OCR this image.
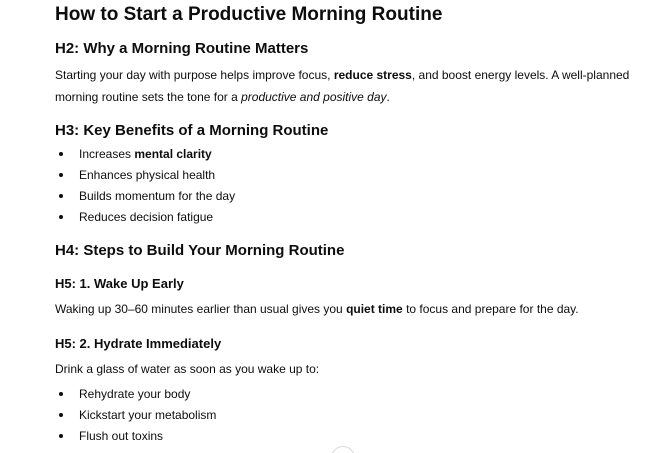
How to Start a Productive Morning Routine
H2: Why a Morning Routine Matters

Starting your day with purpose helps improve focus, reduce stress, and boost energy levels. A well-planned morning routine sets the tone for a productive and positive day.

H3: Key Benefits of a Morning Routine
Increases mental clarity
Enhances physical health
Builds momentum for the day
Reduces decision fatigue
H4: Steps to Build Your Morning Routine
H5: 1. Wake Up Early

Waking up 30–60 minutes earlier than usual gives you quiet time to focus and prepare for the day.

H5: 2. Hydrate Immediately

Drink a glass of water as soon as you wake up to:

Rehydrate your body
Kickstart your metabolism
Flush out toxins
